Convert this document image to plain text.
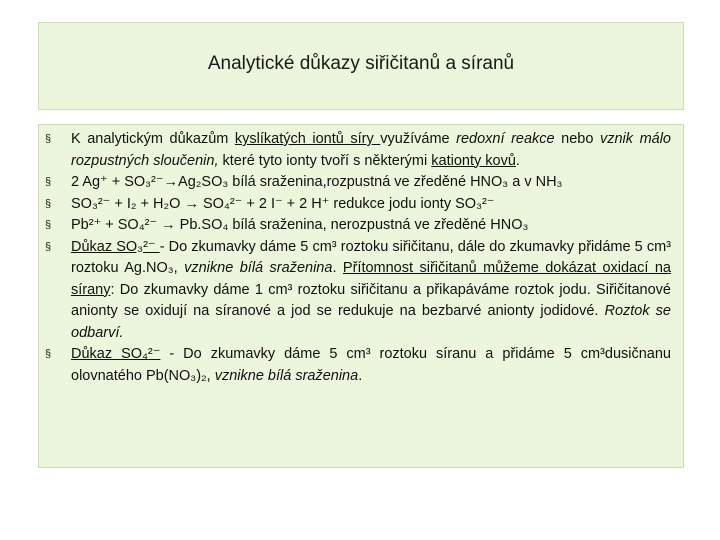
Analytické důkazy siřičitanů a síranů
§ K analytickým důkazům kyslíkatých iontů síry využíváme redoxní reakce nebo vznik málo rozpustných sloučenin, které tyto ionty tvoří s některými kationty kovů.
§ 2 Ag⁺ + SO₃²⁻→Ag₂SO₃ bílá sraženina,rozpustná ve zředěné HNO₃ a v NH₃
§ SO₃²⁻ + I₂ + H₂O → SO₄²⁻ + 2 I⁻ + 2 H⁺ redukce jodu ionty SO₃²⁻
§ Pb²⁺ + SO₄²⁻ → Pb.SO₄ bílá sraženina, nerozpustná ve zředěné HNO₃
§ Důkaz SO₃²⁻ - Do zkumavky dáme 5 cm³ roztoku siřičitanu, dále do zkumavky přidáme 5 cm³ roztoku Ag.NO₃, vznikne bílá sraženina. Přítomnost siřičitanů můžeme dokázat oxidací na sírany: Do zkumavky dáme 1 cm³ roztoku siřičitanu a přikapáváme roztok jodu. Siřičitanové anionty se oxidují na síranové a jod se redukuje na bezbarvé anionty jodidové. Roztok se odbarví.
§ Důkaz SO₄²⁻ - Do zkumavky dáme 5 cm³ roztoku síranu a přidáme 5 cm³dusičnanu olovnatého Pb(NO₃)₂, vznikne bílá sraženina.
